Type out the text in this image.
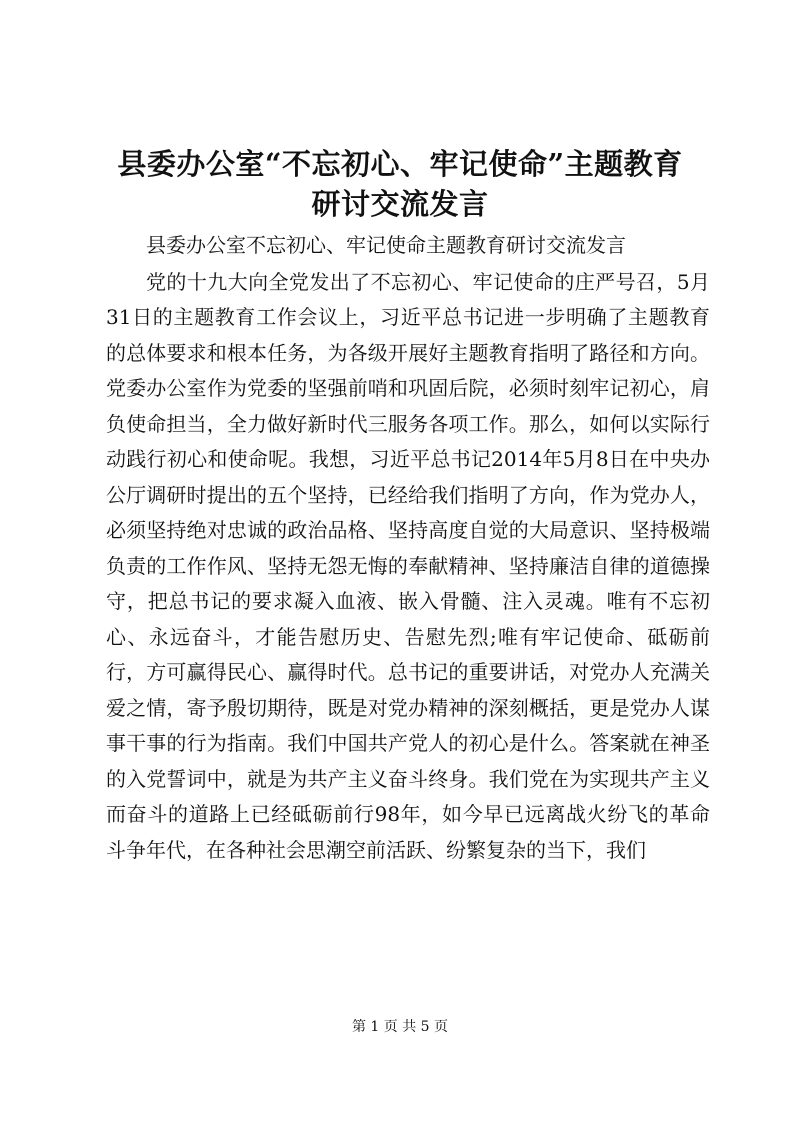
县委办公室“不忘初心、牢记使命”主题教育
研讨交流发言

县委办公室不忘初心、牢记使命主题教育研讨交流发言

党的十九大向全党发出了不忘初心、牢记使命的庄严号召，5月31日的主题教育工作会议上，习近平总书记进一步明确了主题教育的总体要求和根本任务，为各级开展好主题教育指明了路径和方向。党委办公室作为党委的坚强前哨和巩固后院，必须时刻牢记初心，肩负使命担当，全力做好新时代三服务各项工作。那么，如何以实际行动践行初心和使命呢。我想，习近平总书记2014年5月8日在中央办公厅调研时提出的五个坚持，已经给我们指明了方向，作为党办人，必须坚持绝对忠诚的政治品格、坚持高度自觉的大局意识、坚持极端负责的工作作风、坚持无怨无悔的奉献精神、坚持廉洁自律的道德操守，把总书记的要求凝入血液、嵌入骨髓、注入灵魂。唯有不忘初心、永远奋斗，才能告慰历史、告慰先烈;唯有牢记使命、砥砺前行，方可赢得民心、赢得时代。总书记的重要讲话，对党办人充满关爱之情，寄予殷切期待，既是对党办精神的深刻概括，更是党办人谋事干事的行为指南。我们中国共产党人的初心是什么。答案就在神圣的入党誓词中，就是为共产主义奋斗终身。我们党在为实现共产主义而奋斗的道路上已经砥砺前行98年，如今早已远离战火纷飞的革命斗争年代，在各种社会思潮空前活跃、纷繁复杂的当下，我们

第 1 页 共 5 页
